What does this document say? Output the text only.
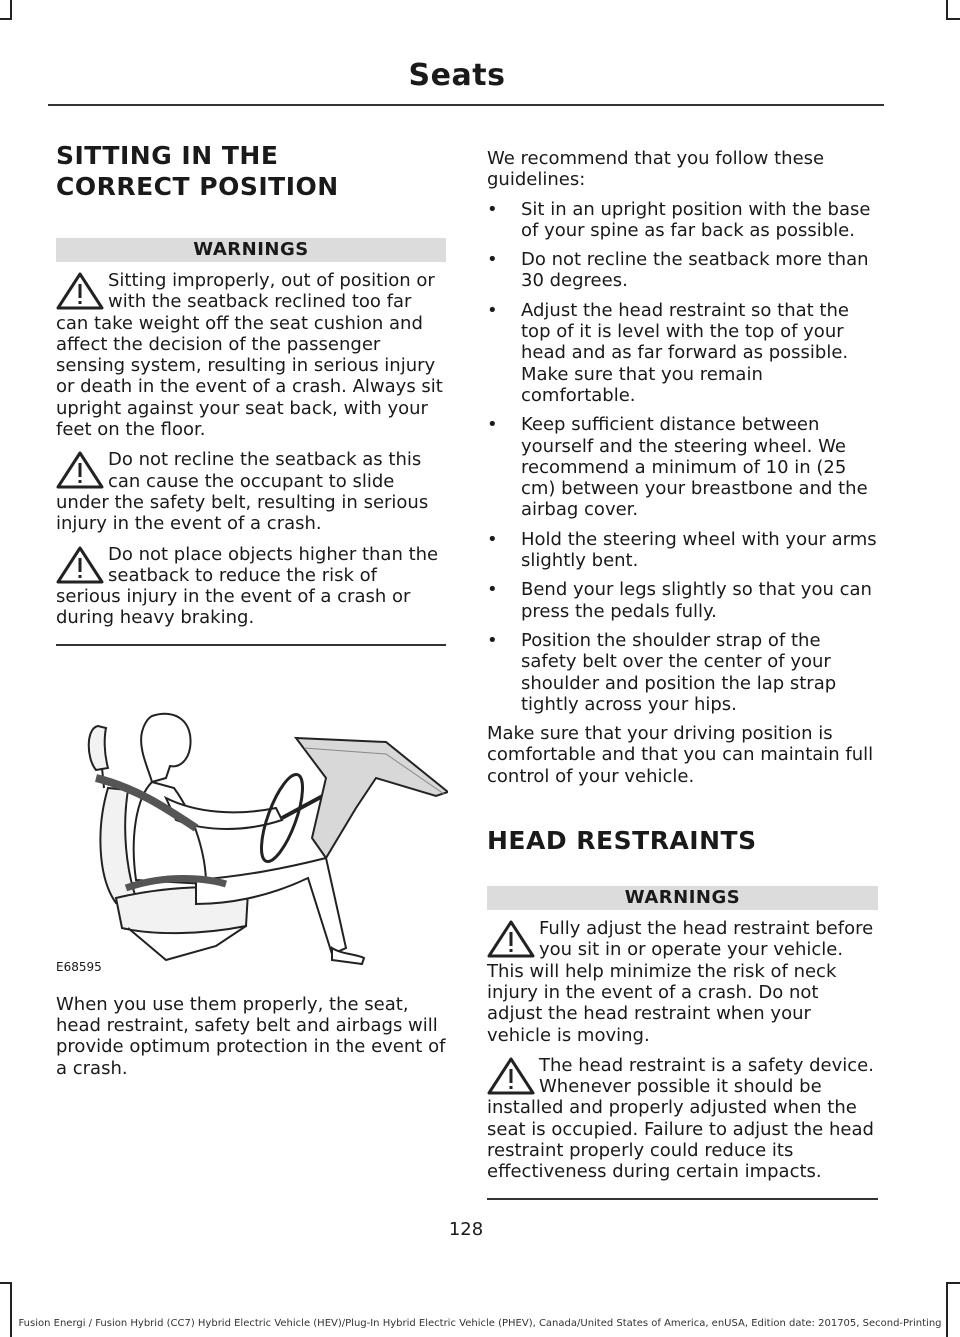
Seats
SITTING IN THE CORRECT POSITION
WARNINGS

Sitting improperly, out of position or with the seatback reclined too far can take weight off the seat cushion and affect the decision of the passenger sensing system, resulting in serious injury or death in the event of a crash. Always sit upright against your seat back, with your feet on the floor.

Do not recline the seatback as this can cause the occupant to slide under the safety belt, resulting in serious injury in the event of a crash.

Do not place objects higher than the seatback to reduce the risk of serious injury in the event of a crash or during heavy braking.

E68595

When you use them properly, the seat, head restraint, safety belt and airbags will provide optimum protection in the event of a crash.

We recommend that you follow these guidelines:

• Sit in an upright position with the base of your spine as far back as possible.
• Do not recline the seatback more than 30 degrees.
• Adjust the head restraint so that the top of it is level with the top of your head and as far forward as possible. Make sure that you remain comfortable.
• Keep sufficient distance between yourself and the steering wheel. We recommend a minimum of 10 in (25 cm) between your breastbone and the airbag cover.
• Hold the steering wheel with your arms slightly bent.
• Bend your legs slightly so that you can press the pedals fully.
• Position the shoulder strap of the safety belt over the center of your shoulder and position the lap strap tightly across your hips.

Make sure that your driving position is comfortable and that you can maintain full control of your vehicle.

HEAD RESTRAINTS
WARNINGS

Fully adjust the head restraint before you sit in or operate your vehicle. This will help minimize the risk of neck injury in the event of a crash. Do not adjust the head restraint when your vehicle is moving.

The head restraint is a safety device. Whenever possible it should be installed and properly adjusted when the seat is occupied. Failure to adjust the head restraint properly could reduce its effectiveness during certain impacts.

128
Fusion Energi / Fusion Hybrid (CC7) Hybrid Electric Vehicle (HEV)/Plug-In Hybrid Electric Vehicle (PHEV), Canada/United States of America, enUSA, Edition date: 201705, Second-Printing
